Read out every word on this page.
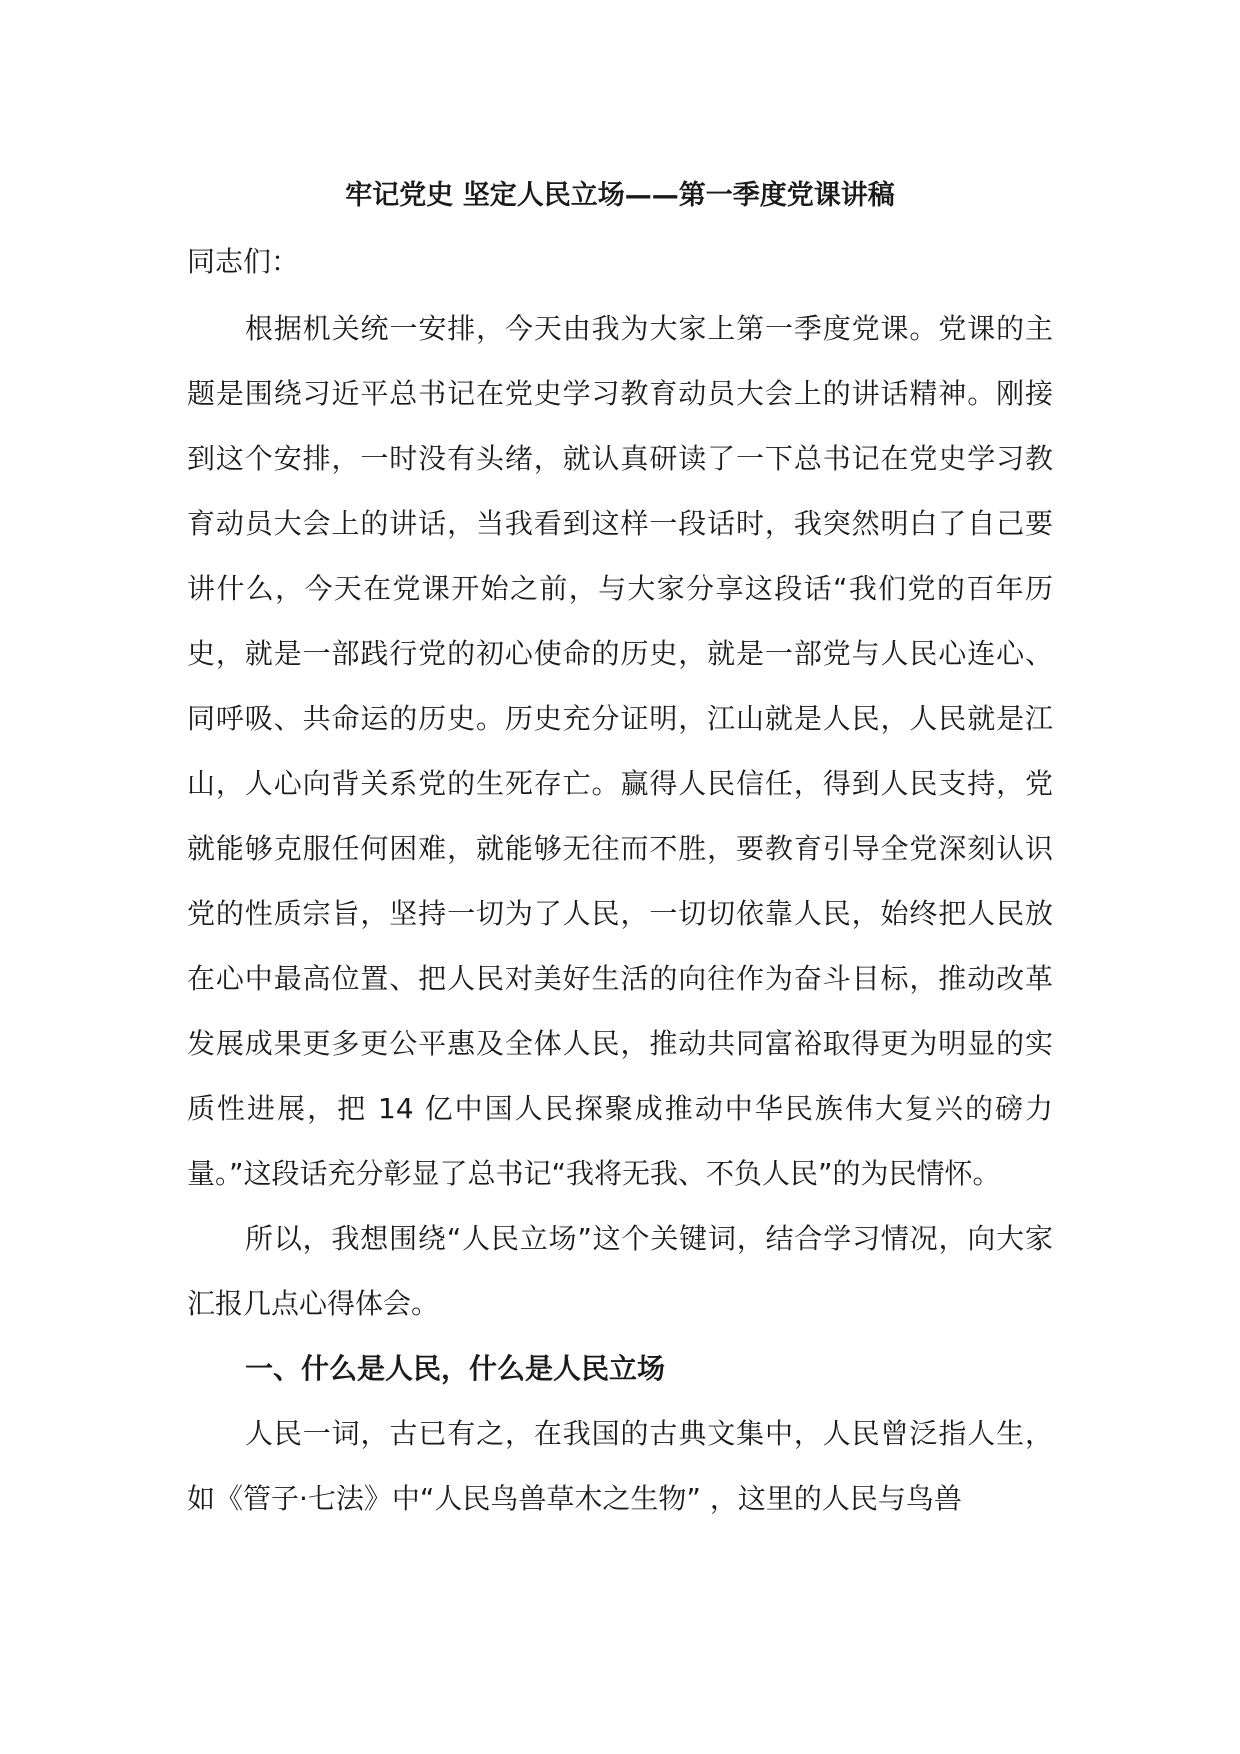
牢记党史 坚定人民立场——第一季度党课讲稿

同志们：

根据机关统一安排，今天由我为大家上第一季度党课。党课的主题是围绕习近平总书记在党史学习教育动员大会上的讲话精神。刚接到这个安排，一时没有头绪，就认真研读了一下总书记在党史学习教育动员大会上的讲话，当我看到这样一段话时，我突然明白了自己要讲什么，今天在党课开始之前，与大家分享这段话“我们党的百年历史，就是一部践行党的初心使命的历史，就是一部党与人民心连心、同呼吸、共命运的历史。历史充分证明，江山就是人民，人民就是江山，人心向背关系党的生死存亡。赢得人民信任，得到人民支持，党就能够克服任何困难，就能够无往而不胜，要教育引导全党深刻认识党的性质宗旨，坚持一切为了人民，一切切依靠人民，始终把人民放在心中最高位置、把人民对美好生活的向往作为奋斗目标，推动改革发展成果更多更公平惠及全体人民，推动共同富裕取得更为明显的实质性进展，把 14 亿中国人民探聚成推动中华民族伟大复兴的磅力量。”这段话充分彰显了总书记“我将无我、不负人民”的为民情怀。

所以，我想围绕“人民立场”这个关键词，结合学习情况，向大家汇报几点心得体会。

一、什么是人民，什么是人民立场

人民一词，古已有之，在我国的古典文集中，人民曾泛指人生，如《管子·七法》中“人民鸟兽草木之生物” ，这里的人民与鸟兽
